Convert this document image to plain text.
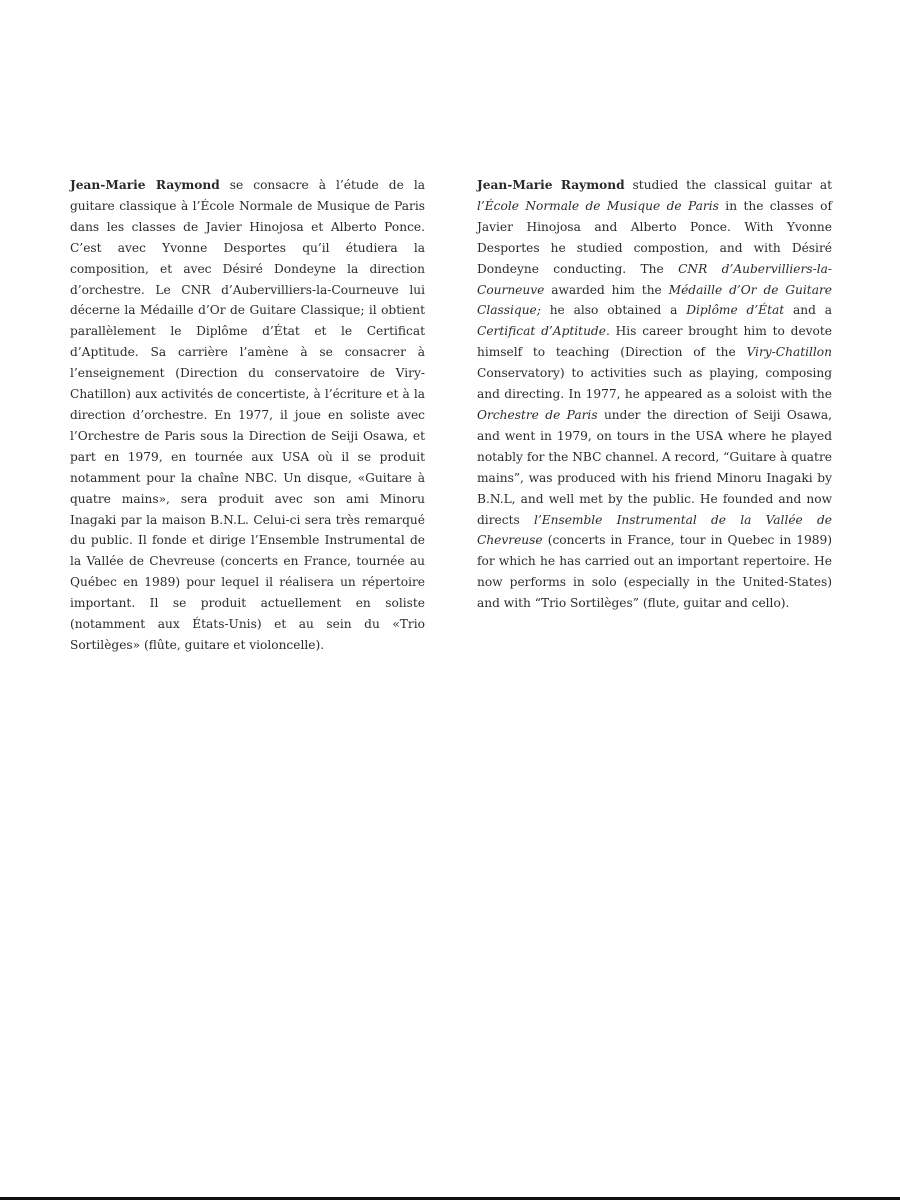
Jean-Marie Raymond se consacre à l’étude de la guitare classique à l’École Normale de Musique de Paris dans les classes de Javier Hinojosa et Alberto Ponce. C’est avec Yvonne Desportes qu’il étudiera la composition, et avec Désiré Dondeyne la direction d’orchestre. Le CNR d’Aubervilliers-la-Courneuve lui décerne la Médaille d’Or de Guitare Classique; il obtient parallèlement le Diplôme d’État et le Certificat d’Aptitude. Sa carrière l’amène à se consacrer à l’enseignement (Direction du conservatoire de Viry-Chatillon) aux activités de concertiste, à l’écriture et à la direction d’orchestre. En 1977, il joue en soliste avec l’Orchestre de Paris sous la Direction de Seiji Osawa, et part en 1979, en tournée aux USA où il se produit notamment pour la chaîne NBC. Un disque, «Guitare à quatre mains», sera produit avec son ami Minoru Inagaki par la maison B.N.L. Celui-ci sera très remarqué du public. Il fonde et dirige l’Ensemble Instrumental de la Vallée de Chevreuse (concerts en France, tournée au Québec en 1989) pour lequel il réalisera un répertoire important. Il se produit actuellement en soliste (notamment aux États-Unis) et au sein du «Trio Sortilèges» (flûte, guitare et violoncelle).

Jean-Marie Raymond studied the classical guitar at l’École Normale de Musique de Paris in the classes of Javier Hinojosa and Alberto Ponce. With Yvonne Desportes he studied compostion, and with Désiré Dondeyne conducting. The CNR d’Aubervilliers-la-Courneuve awarded him the Médaille d’Or de Guitare Classique; he also obtained a Diplôme d’État and a Certificat d’Aptitude. His career brought him to devote himself to teaching (Direction of the Viry-Chatillon Conservatory) to activities such as playing, composing and directing. In 1977, he appeared as a soloist with the Orchestre de Paris under the direction of Seiji Osawa, and went in 1979, on tours in the USA where he played notably for the NBC channel. A record, “Guitare à quatre mains”, was produced with his friend Minoru Inagaki by B.N.L, and well met by the public. He founded and now directs l’Ensemble Instrumental de la Vallée de Chevreuse (concerts in France, tour in Quebec in 1989) for which he has carried out an important repertoire. He now performs in solo (especially in the United-States) and with “Trio Sortilèges” (flute, guitar and cello).
